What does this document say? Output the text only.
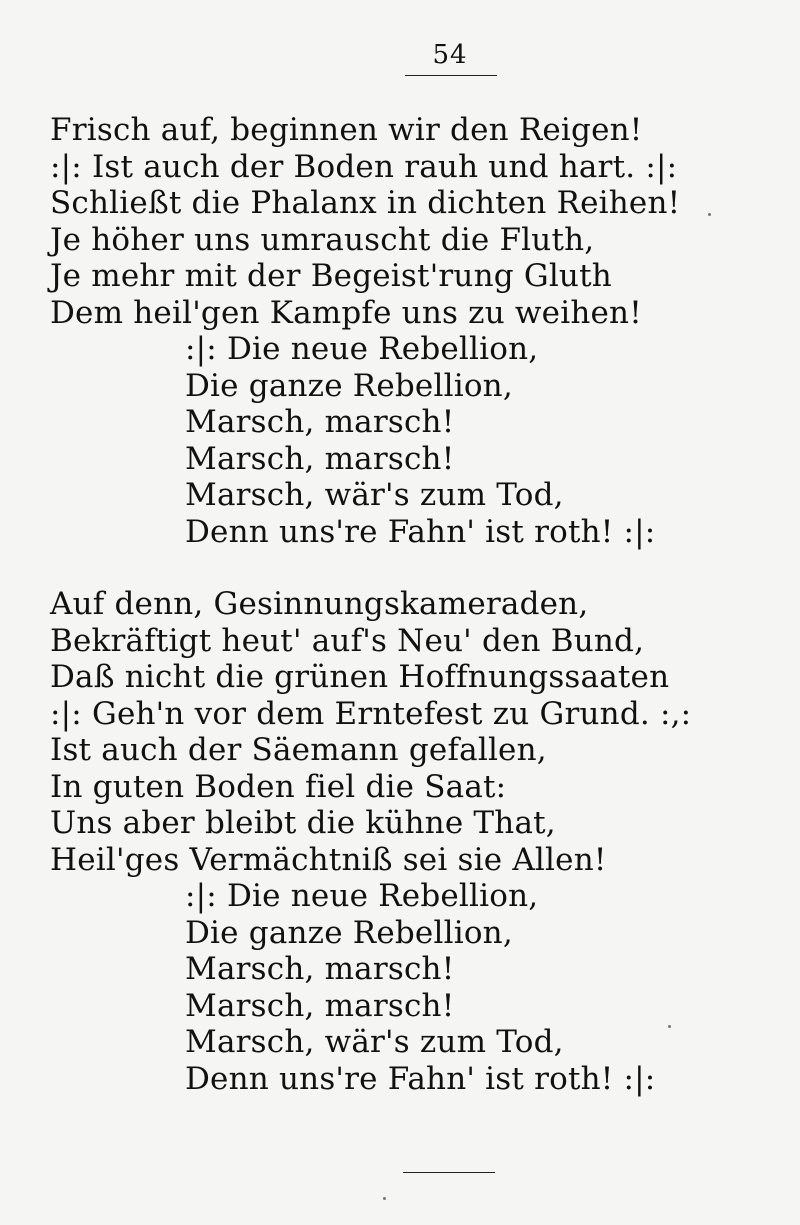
54
Frisch auf, beginnen wir den Reigen!
:|: Ist auch der Boden rauh und hart. :|:
Schließt die Phalanx in dichten Reihen!
Je höher uns umrauscht die Fluth,
Je mehr mit der Begeist'rung Gluth
Dem heil'gen Kampfe uns zu weihen!
:|: Die neue Rebellion,
Die ganze Rebellion,
Marsch, marsch!
Marsch, marsch!
Marsch, wär's zum Tod,
Denn uns're Fahn' ist roth! :|:
Auf denn, Gesinnungskameraden,
Bekräftigt heut' auf's Neu' den Bund,
Daß nicht die grünen Hoffnungssaaten
:|: Geh'n vor dem Erntefest zu Grund. :,:
Ist auch der Säemann gefallen,
In guten Boden fiel die Saat:
Uns aber bleibt die kühne That,
Heil'ges Vermächtniß sei sie Allen!
:|: Die neue Rebellion,
Die ganze Rebellion,
Marsch, marsch!
Marsch, marsch!
Marsch, wär's zum Tod,
Denn uns're Fahn' ist roth! :|:
